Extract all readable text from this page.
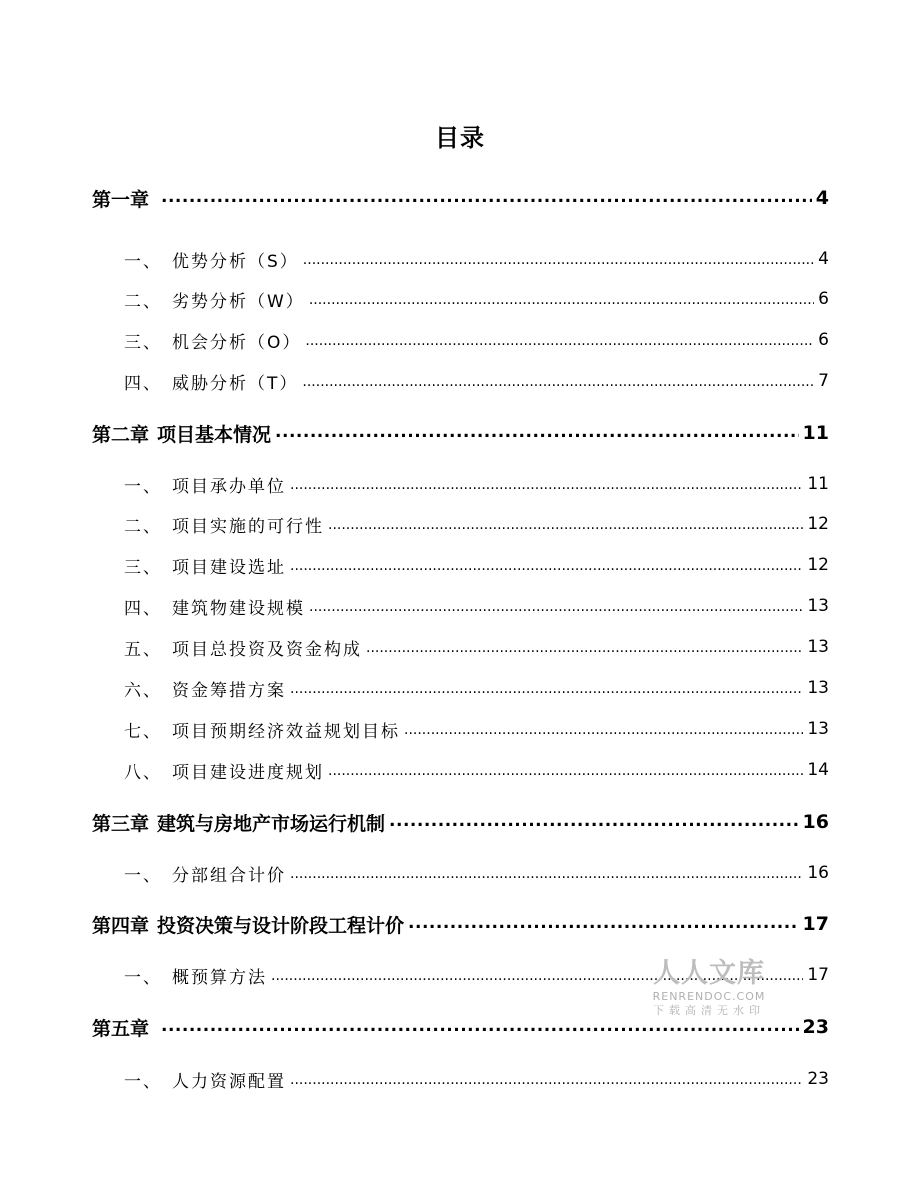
目录
第一章 .....	4
一、 优势分析（S） .....	4
二、 劣势分析（W） .....	6
三、 机会分析（O） .....	6
四、 威胁分析（T） .....	7
第二章 项目基本情况 .....	11
一、 项目承办单位 .....	11
二、 项目实施的可行性 .....	12
三、 项目建设选址 .....	12
四、 建筑物建设规模 .....	13
五、 项目总投资及资金构成 .....	13
六、 资金筹措方案 .....	13
七、 项目预期经济效益规划目标 .....	13
八、 项目建设进度规划 .....	14
第三章 建筑与房地产市场运行机制 .....	16
一、 分部组合计价 .....	16
第四章 投资决策与设计阶段工程计价 .....	17
一、 概预算方法 .....	17
第五章 .....	23
一、 人力资源配置 .....	23
人人文库
RENRENDOC.COM
下载高清无水印
